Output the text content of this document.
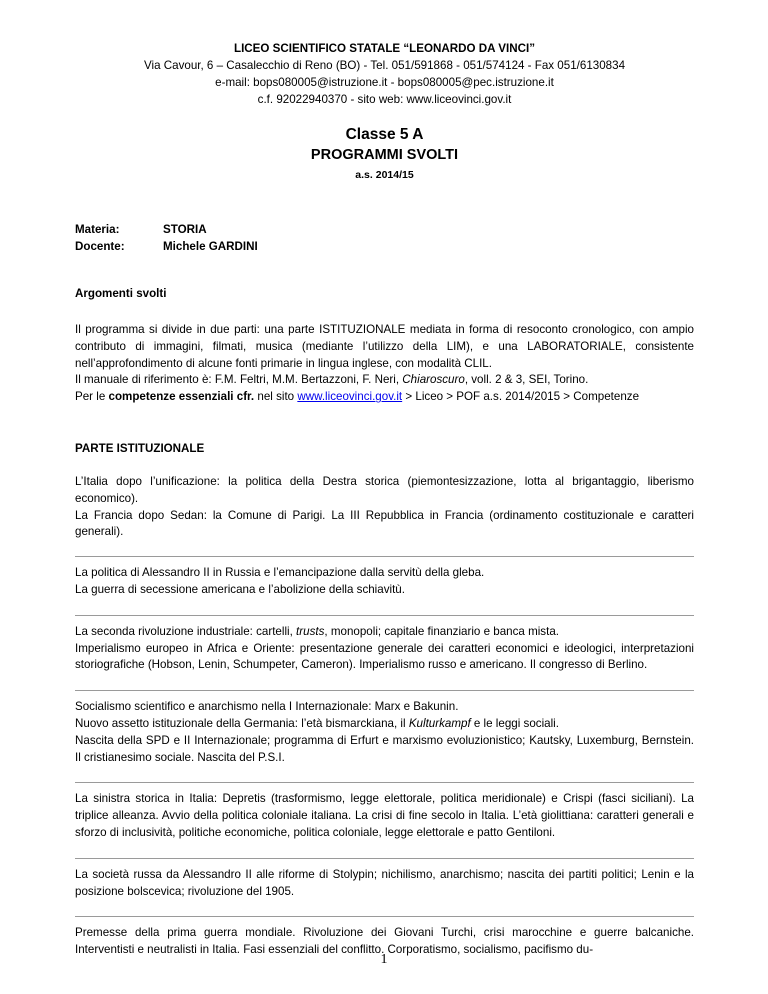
LICEO SCIENTIFICO STATALE “LEONARDO DA VINCI”
Via Cavour, 6 – Casalecchio di Reno (BO) - Tel. 051/591868 - 051/574124 - Fax 051/6130834
e-mail: bops080005@istruzione.it - bops080005@pec.istruzione.it
c.f. 92022940370 - sito web: www.liceovinci.gov.it
Classe 5 A
PROGRAMMI SVOLTI
a.s. 2014/15
Materia:	STORIA
Docente:	Michele GARDINI
Argomenti svolti
Il programma si divide in due parti: una parte ISTITUZIONALE mediata in forma di resoconto cronologico, con ampio contributo di immagini, filmati, musica (mediante l’utilizzo della LIM), e una LABORATORIALE, consistente nell’approfondimento di alcune fonti primarie in lingua inglese, con modalità CLIL.
Il manuale di riferimento è: F.M. Feltri, M.M. Bertazzoni, F. Neri, Chiaroscuro, voll. 2 & 3, SEI, Torino.
Per le competenze essenziali cfr. nel sito www.liceovinci.gov.it > Liceo > POF a.s. 2014/2015 > Competenze
PARTE ISTITUZIONALE
L’Italia dopo l’unificazione: la politica della Destra storica (piemontesizzazione, lotta al brigantaggio, liberismo economico).
La Francia dopo Sedan: la Comune di Parigi. La III Repubblica in Francia (ordinamento costituzionale e caratteri generali).
La politica di Alessandro II in Russia e l’emancipazione dalla servitù della gleba.
La guerra di secessione americana e l’abolizione della schiavitù.
La seconda rivoluzione industriale: cartelli, trusts, monopoli; capitale finanziario e banca mista.
Imperialismo europeo in Africa e Oriente: presentazione generale dei caratteri economici e ideologici, interpretazioni storiografiche (Hobson, Lenin, Schumpeter, Cameron). Imperialismo russo e americano. Il congresso di Berlino.
Socialismo scientifico e anarchismo nella I Internazionale: Marx e Bakunin.
Nuovo assetto istituzionale della Germania: l’età bismarckiana, il Kulturkampf e le leggi sociali.
Nascita della SPD e II Internazionale; programma di Erfurt e marxismo evoluzionistico; Kautsky, Luxemburg, Bernstein. Il cristianesimo sociale. Nascita del P.S.I.
La sinistra storica in Italia: Depretis (trasformismo, legge elettorale, politica meridionale) e Crispi (fasci siciliani). La triplice alleanza. Avvio della politica coloniale italiana. La crisi di fine secolo in Italia. L’età giolittiana: caratteri generali e sforzo di inclusività, politiche economiche, politica coloniale, legge elettorale e patto Gentiloni.
La società russa da Alessandro II alle riforme di Stolypin; nichilismo, anarchismo; nascita dei partiti politici; Lenin e la posizione bolscevica; rivoluzione del 1905.
Premesse della prima guerra mondiale. Rivoluzione dei Giovani Turchi, crisi marocchine e guerre balcaniche. Interventisti e neutralisti in Italia. Fasi essenziali del conflitto. Corporatismo, socialismo, pacifismo du-
1
